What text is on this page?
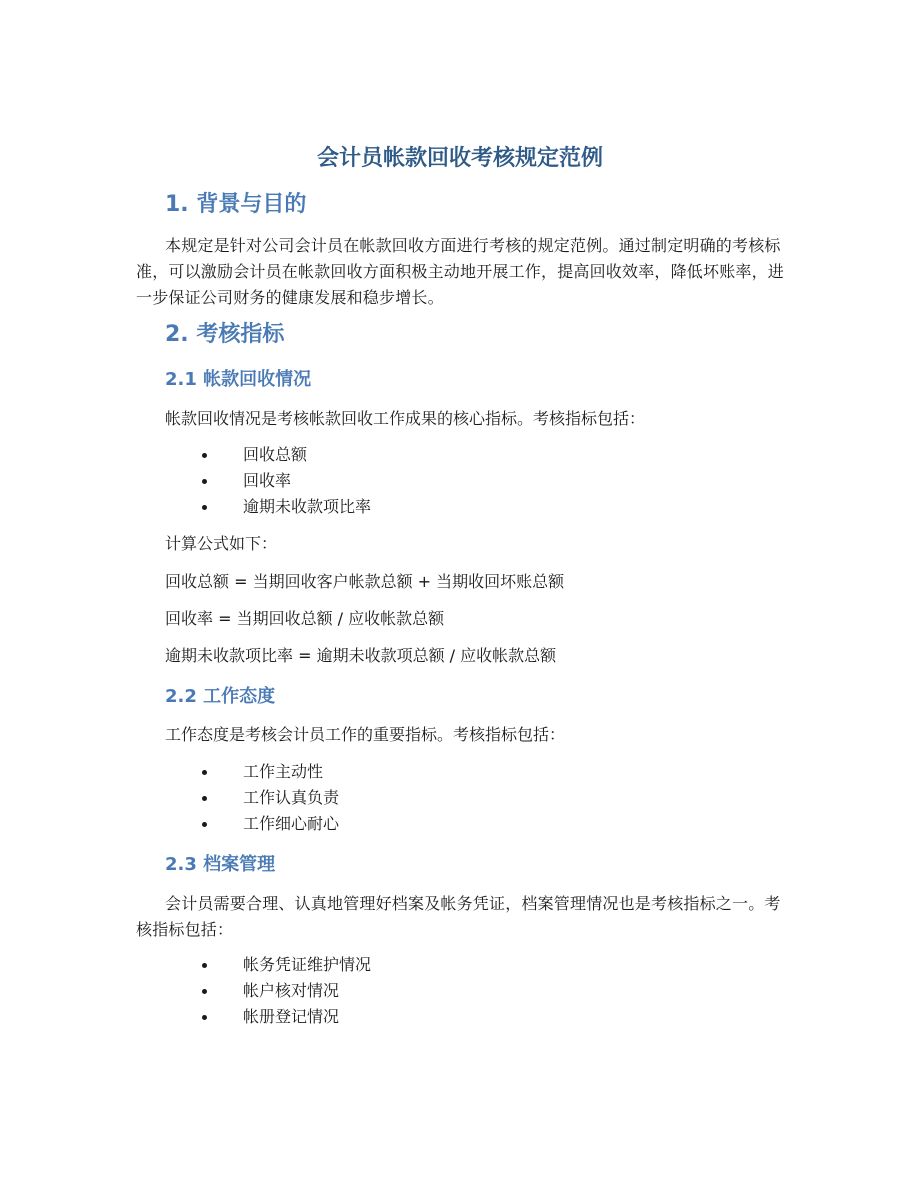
会计员帐款回收考核规定范例
1. 背景与目的

本规定是针对公司会计员在帐款回收方面进行考核的规定范例。通过制定明确的考核标准，可以激励会计员在帐款回收方面积极主动地开展工作，提高回收效率，降低坏账率，进一步保证公司财务的健康发展和稳步增长。

2. 考核指标
2.1 帐款回收情况

帐款回收情况是考核帐款回收工作成果的核心指标。考核指标包括：

回收总额
回收率
逾期未收款项比率

计算公式如下：

回收总额 = 当期回收客户帐款总额 + 当期收回坏账总额

回收率 = 当期回收总额 / 应收帐款总额

逾期未收款项比率 = 逾期未收款项总额 / 应收帐款总额

2.2 工作态度

工作态度是考核会计员工作的重要指标。考核指标包括：

工作主动性
工作认真负责
工作细心耐心
2.3 档案管理

会计员需要合理、认真地管理好档案及帐务凭证，档案管理情况也是考核指标之一。考核指标包括：

帐务凭证维护情况
帐户核对情况
帐册登记情况
